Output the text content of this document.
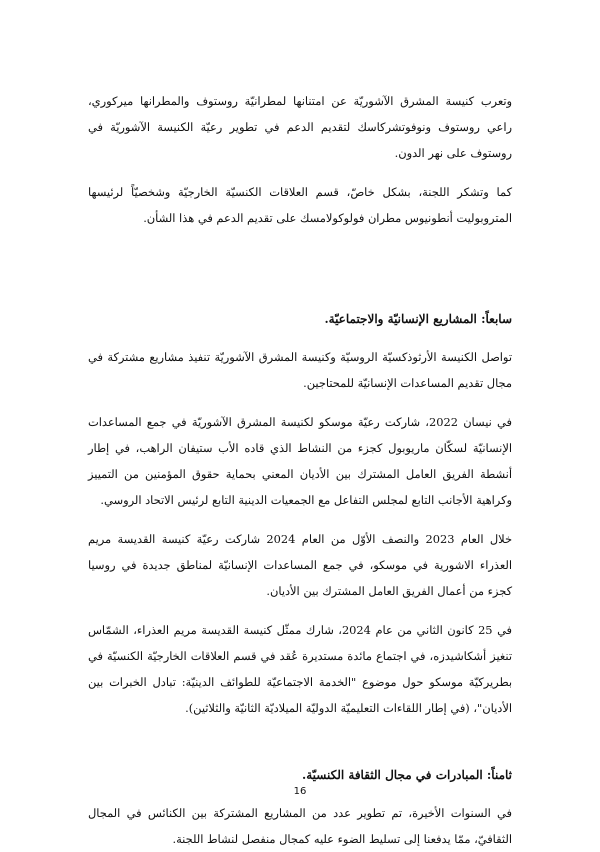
وتعرب كنيسة المشرق الآشوريّة عن امتنانها لمطرانيّة روستوف والمطرانها ميركوري، راعي روستوف ونوفوتشركاسك لتقديم الدعم في تطوير رعيّة الكنيسة الآشوريّة في روستوف على نهر الدون.

كما وتشكر اللجنة، بشكل خاصّ، قسم العلاقات الكنسيّة الخارجيّة وشخصيّاً لرئيسها المتروبوليت أنطونيوس مطران فولوكولامسك على تقديم الدعم في هذا الشأن.

سابعاً: المشاريع الإنسانيّة والاجتماعيّة.

تواصل الكنيسة الأرثوذكسيّة الروسيّة وكنيسة المشرق الآشوريّة تنفيذ مشاريع مشتركة في مجال تقديم المساعدات الإنسانيّة للمحتاجين.

في نيسان 2022، شاركت رعيّة موسكو لكنيسة المشرق الآشوريّة في جمع المساعدات الإنسانيّة لسكّان ماريوبول كجزء من النشاط الذي قاده الأب ستيفان الراهب، في إطار أنشطة الفريق العامل المشترك بين الأديان المعني بحماية حقوق المؤمنين من التمييز وكراهية الأجانب التابع لمجلس التفاعل مع الجمعيات الدينية التابع لرئيس الاتحاد الروسي.

خلال العام 2023 والنصف الأوّل من العام 2024 شاركت رعيّة كنيسة القديسة مريم العذراء الاشورية في موسكو، في جمع المساعدات الإنسانيّة لمناطق جديدة في روسيا كجزء من أعمال الفريق العامل المشترك بين الأديان.

في 25 كانون الثاني من عام 2024، شارك ممثّل كنيسة القديسة مريم العذراء، الشمّاس تنغيز أشكاشيدزه، في اجتماع مائدة مستديرة عُقد في قسم العلاقات الخارجيّة الكنسيّة في بطريركيّة موسكو حول موضوع "الخدمة الاجتماعيّة للطوائف الدينيّة: تبادل الخبرات بين الأديان"، (في إطار اللقاءات التعليميّة الدوليّة الميلاديّة الثانيّة والثلاثين).

ثامناً: المبادرات في مجال الثقافة الكنسيّة.

في السنوات الأخيرة، تم تطوير عدد من المشاريع المشتركة بين الكنائس في المجال الثقافيّ، ممّا يدفعنا إلى تسليط الضوء عليه كمجال منفصل لنشاط اللجنة.

16
